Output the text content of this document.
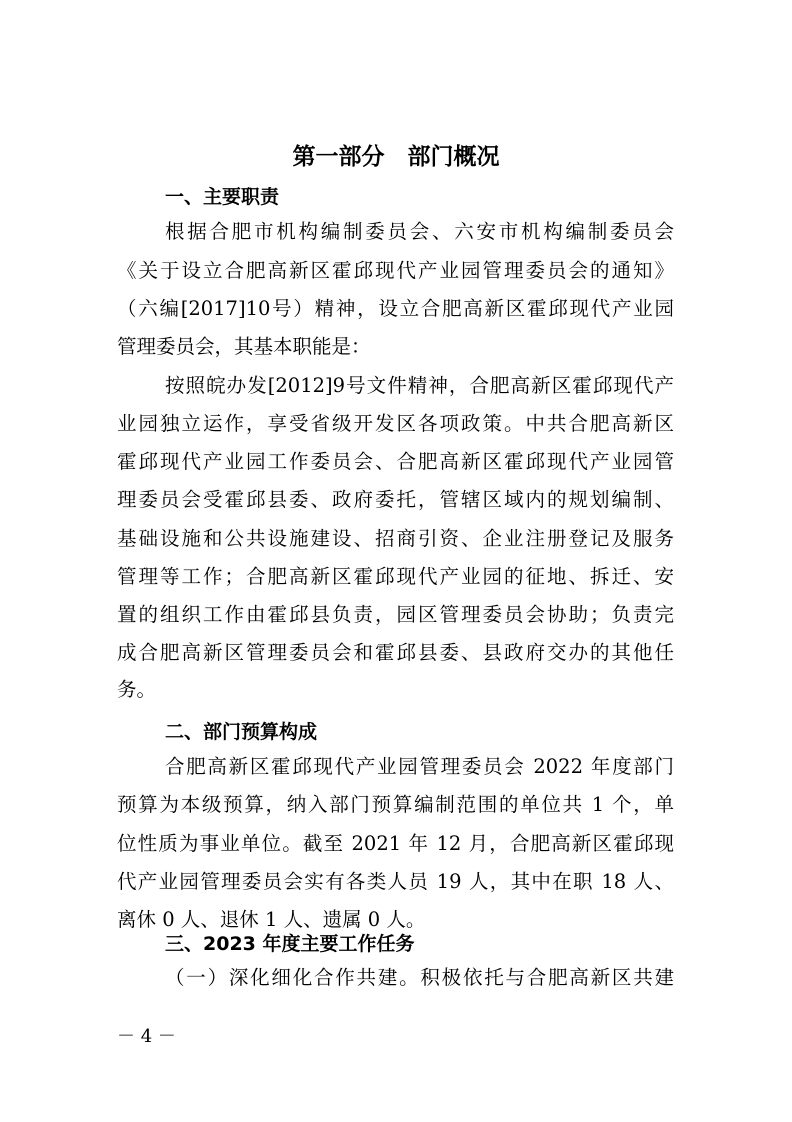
第一部分　部门概况
一、主要职责
根据合肥市机构编制委员会、六安市机构编制委员会
《关于设立合肥高新区霍邱现代产业园管理委员会的通知》
（六编[2017]10号）精神，设立合肥高新区霍邱现代产业园
管理委员会，其基本职能是：
按照皖办发[2012]9号文件精神，合肥高新区霍邱现代产
业园独立运作，享受省级开发区各项政策。中共合肥高新区
霍邱现代产业园工作委员会、合肥高新区霍邱现代产业园管
理委员会受霍邱县委、政府委托，管辖区域内的规划编制、
基础设施和公共设施建设、招商引资、企业注册登记及服务
管理等工作；合肥高新区霍邱现代产业园的征地、拆迁、安
置的组织工作由霍邱县负责，园区管理委员会协助；负责完
成合肥高新区管理委员会和霍邱县委、县政府交办的其他任
务。
二、部门预算构成
合肥高新区霍邱现代产业园管理委员会 2022 年度部门
预算为本级预算，纳入部门预算编制范围的单位共 1 个，单
位性质为事业单位。截至 2021 年 12 月，合肥高新区霍邱现
代产业园管理委员会实有各类人员 19 人，其中在职 18 人、
离休 0 人、退休 1 人、遗属 0 人。
三、2023 年度主要工作任务
（一）深化细化合作共建。积极依托与合肥高新区共建
－ 4 －
